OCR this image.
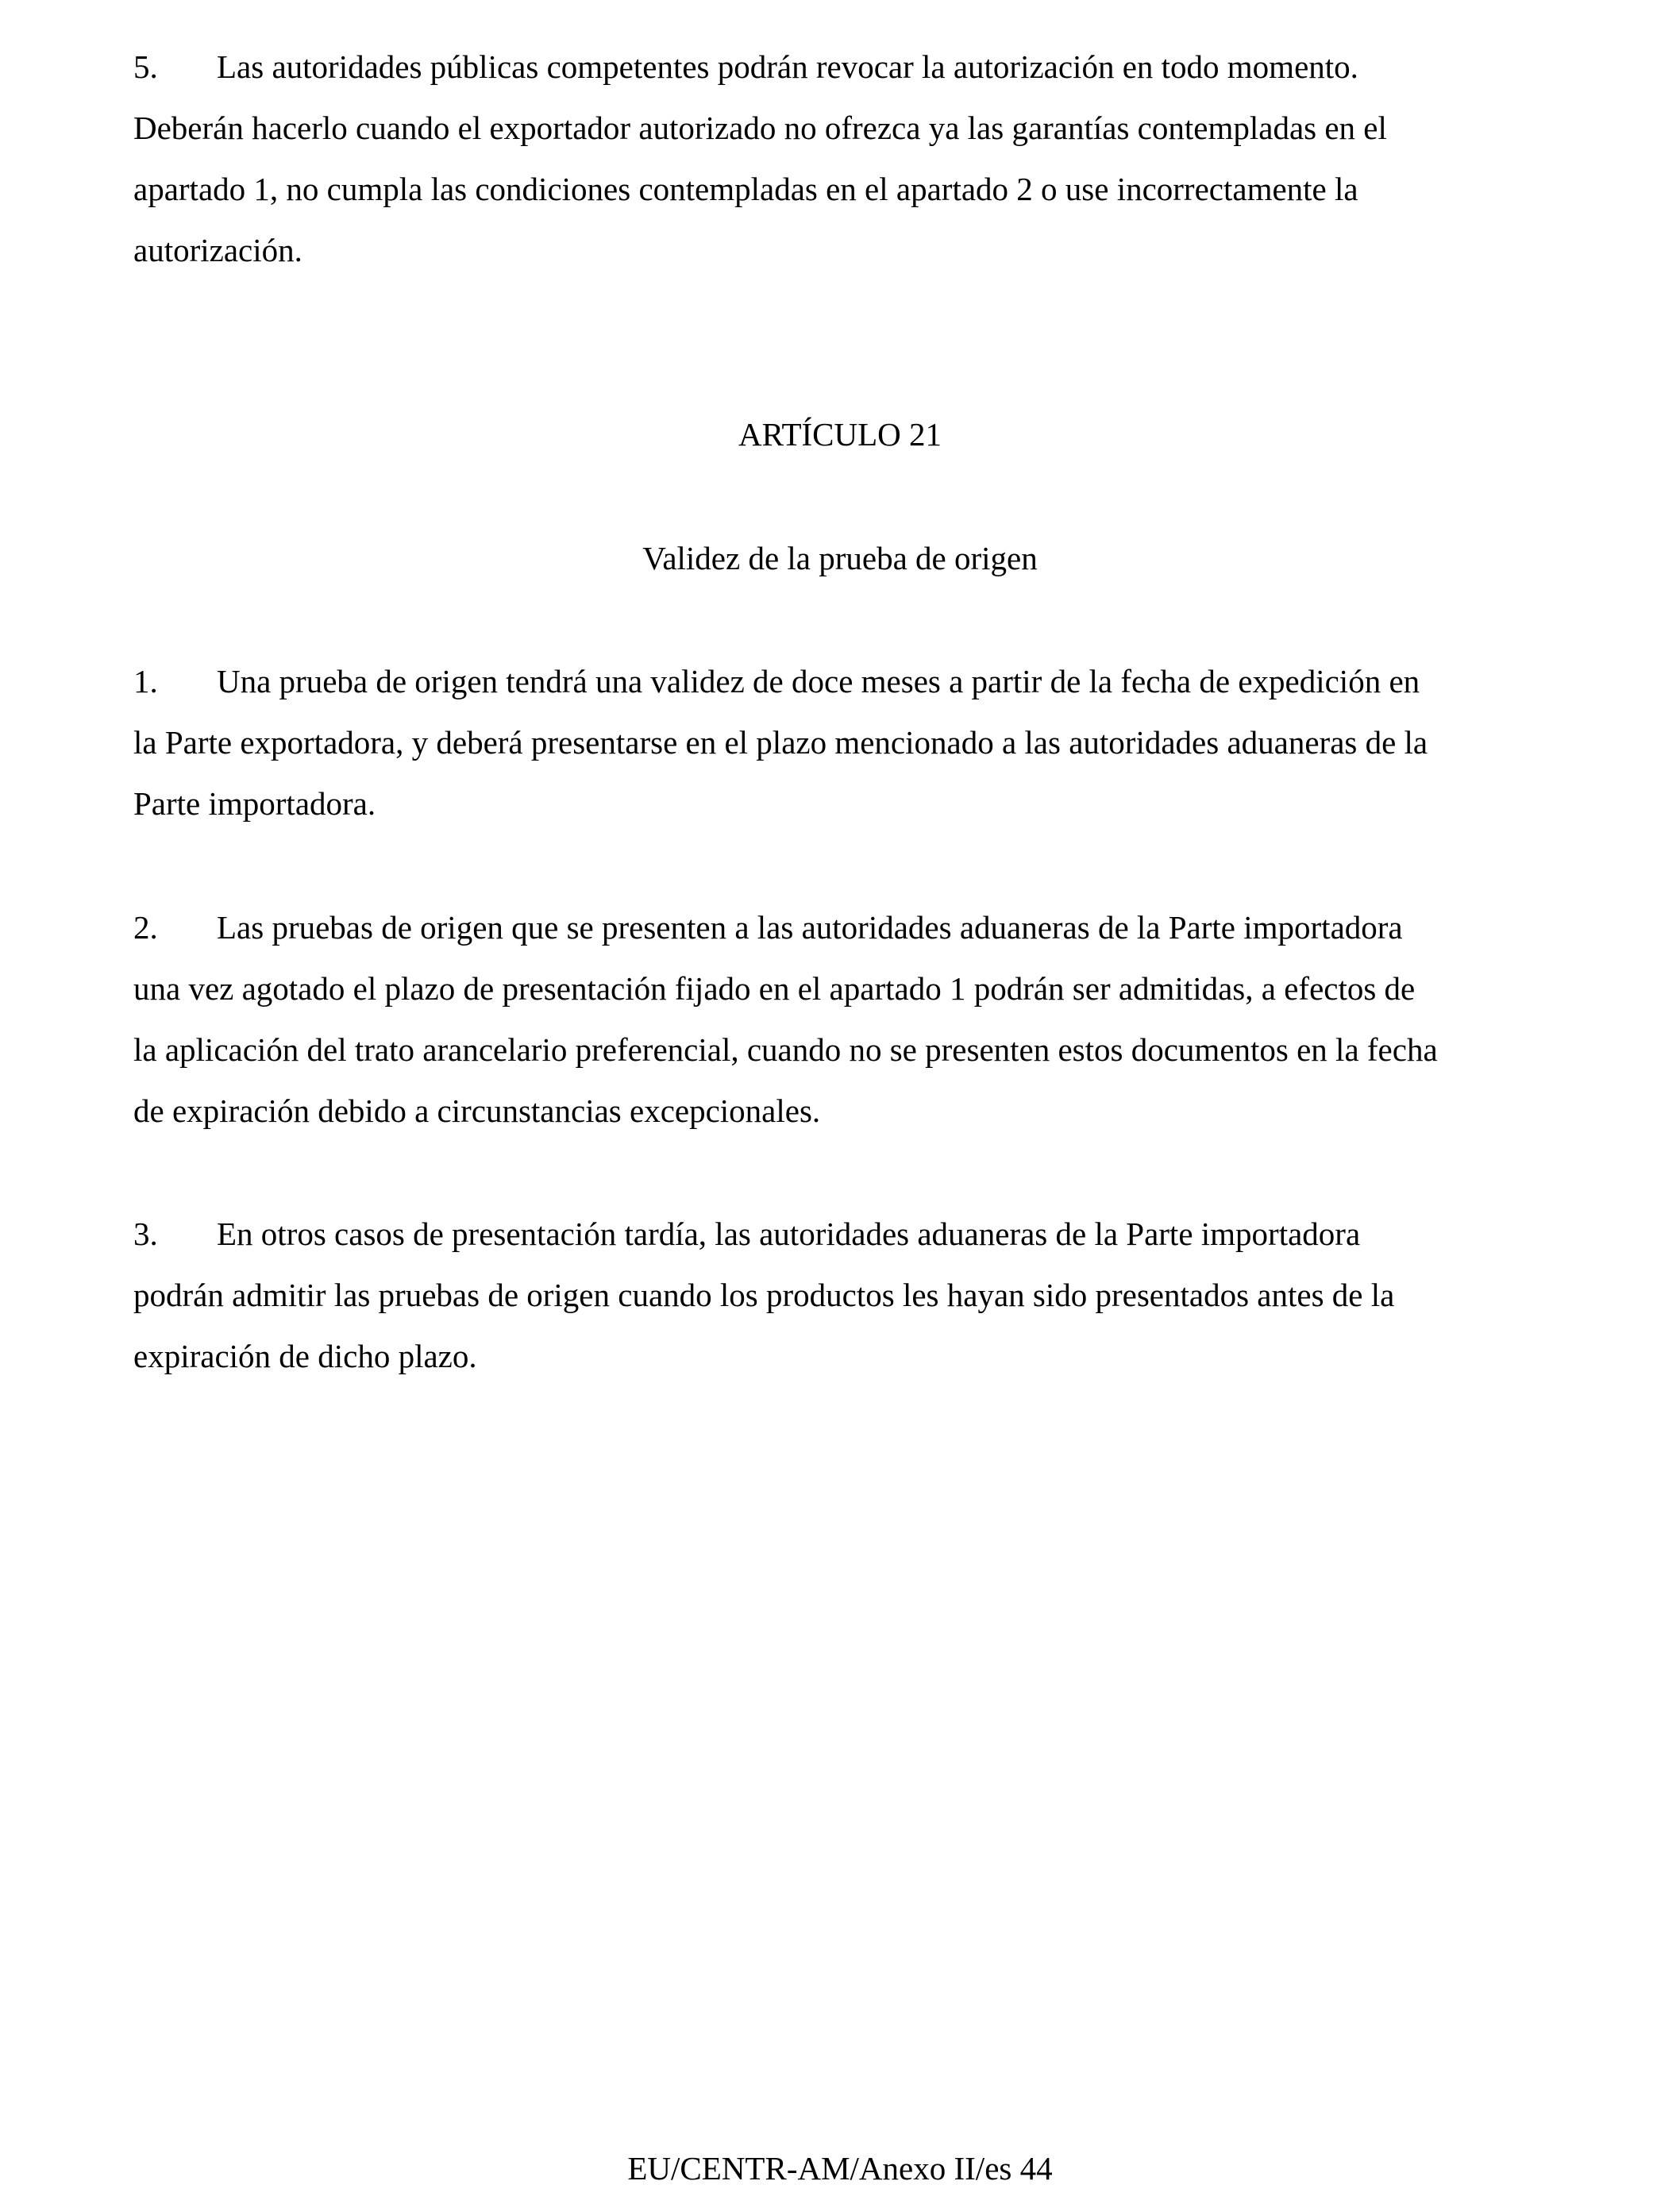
5. Las autoridades públicas competentes podrán revocar la autorización en todo momento.
Deberán hacerlo cuando el exportador autorizado no ofrezca ya las garantías contempladas en el
apartado 1, no cumpla las condiciones contempladas en el apartado 2 o use incorrectamente la
autorización.

ARTÍCULO 21

Validez de la prueba de origen

1. Una prueba de origen tendrá una validez de doce meses a partir de la fecha de expedición en
la Parte exportadora, y deberá presentarse en el plazo mencionado a las autoridades aduaneras de la
Parte importadora.
2. Las pruebas de origen que se presenten a las autoridades aduaneras de la Parte importadora
una vez agotado el plazo de presentación fijado en el apartado 1 podrán ser admitidas, a efectos de
la aplicación del trato arancelario preferencial, cuando no se presenten estos documentos en la fecha
de expiración debido a circunstancias excepcionales.
3. En otros casos de presentación tardía, las autoridades aduaneras de la Parte importadora
podrán admitir las pruebas de origen cuando los productos les hayan sido presentados antes de la
expiración de dicho plazo.

EU/CENTR-AM/Anexo II/es 44
